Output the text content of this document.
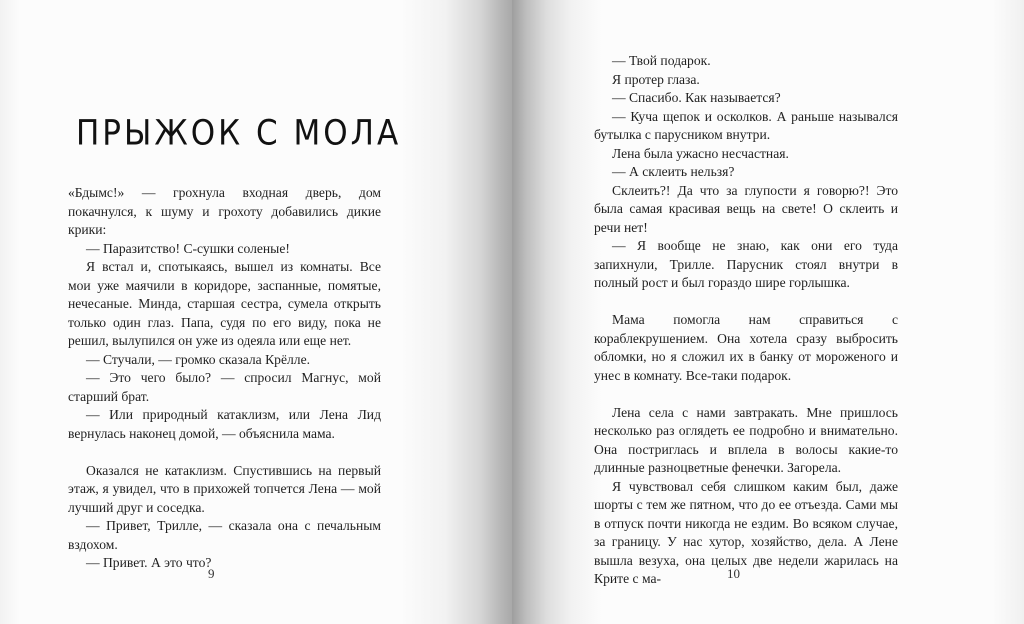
ПРЫЖОК С МОЛА

«Бдымс!» — грохнула входная дверь, дом покачнулся, к шуму и грохоту добавились дикие крики:

— Паразитство! С-сушки соленые!

Я встал и, спотыкаясь, вышел из комнаты. Все мои уже маячили в коридоре, заспанные, помятые, нечесаные. Минда, старшая сестра, сумела открыть только один глаз. Папа, судя по его виду, пока не решил, вылупился он уже из одеяла или еще нет.

— Стучали, — громко сказала Крёлле.

— Это чего было? — спросил Магнус, мой старший брат.

— Или природный катаклизм, или Лена Лид вернулась наконец домой, — объяснила мама.

Оказался не катаклизм. Спустившись на первый этаж, я увидел, что в прихожей топчется Лена — мой лучший друг и соседка.

— Привет, Трилле, — сказала она с печальным вздохом.

— Привет. А это что?

9

— Твой подарок.

Я протер глаза.

— Спасибо. Как называется?

— Куча щепок и осколков. А раньше назывался бутылка с парусником внутри.

Лена была ужасно несчастная.

— А склеить нельзя?

Склеить?! Да что за глупости я говорю?! Это была самая красивая вещь на свете! О склеить и речи нет!

— Я вообще не знаю, как они его туда запихнули, Трилле. Парусник стоял внутри в полный рост и был гораздо шире горлышка.

Мама помогла нам справиться с кораблекрушением. Она хотела сразу выбросить обломки, но я сложил их в банку от мороженого и унес в комнату. Все-таки подарок.

Лена села с нами завтракать. Мне пришлось несколько раз оглядеть ее подробно и внимательно. Она постриглась и вплела в волосы какие-то длинные разноцветные фенечки. Загорела.

Я чувствовал себя слишком каким был, даже шорты с тем же пятном, что до ее отъезда. Сами мы в отпуск почти никогда не ездим. Во всяком случае, за границу. У нас хутор, хозяйство, дела. А Лене вышла везуха, она целых две недели жарилась на Крите с ма-	10
